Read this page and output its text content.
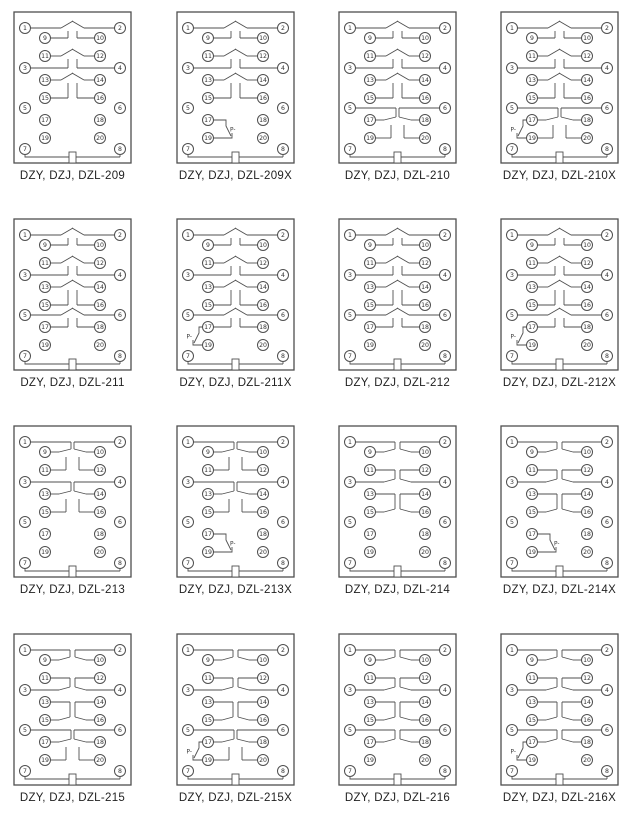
1	2
3	4
5	6
7	8
9	10
11	12
13	14
15	16
17	18
19	20
DZY, DZJ, DZL-209
P-
1	2
3	4
5	6
7	8
9	10
11	12
13	14
15	16
17	18
19	20
DZY, DZJ, DZL-209X
1	2
3	4
5	6
7	8
9	10
11	12
13	14
15	16
17	18
19	20
DZY, DZJ, DZL-210
P-
1	2
3	4
5	6
7	8
9	10
11	12
13	14
15	16
17	18
19	20
DZY, DZJ, DZL-210X
1	2
3	4
5	6
7	8
9	10
11	12
13	14
15	16
17	18
19	20
DZY, DZJ, DZL-211
P-
1	2
3	4
5	6
7	8
9	10
11	12
13	14
15	16
17	18
19	20
DZY, DZJ, DZL-211X
1	2
3	4
5	6
7	8
9	10
11	12
13	14
15	16
17	18
19	20
DZY, DZJ, DZL-212
P-
1	2
3	4
5	6
7	8
9	10
11	12
13	14
15	16
17	18
19	20
DZY, DZJ, DZL-212X
1	2
3	4
5	6
7	8
9	10
11	12
13	14
15	16
17	18
19	20
DZY, DZJ, DZL-213
P-
1	2
3	4
5	6
7	8
9	10
11	12
13	14
15	16
17	18
19	20
DZY, DZJ, DZL-213X
1	2
3	4
5	6
7	8
9	10
11	12
13	14
15	16
17	18
19	20
DZY, DZJ, DZL-214
P-
1	2
3	4
5	6
7	8
9	10
11	12
13	14
15	16
17	18
19	20
DZY, DZJ, DZL-214X
1	2
3	4
5	6
7	8
9	10
11	12
13	14
15	16
17	18
19	20
DZY, DZJ, DZL-215
P-
1	2
3	4
5	6
7	8
9	10
11	12
13	14
15	16
17	18
19	20
DZY, DZJ, DZL-215X
1	2
3	4
5	6
7	8
9	10
11	12
13	14
15	16
17	18
19	20
DZY, DZJ, DZL-216
P-
1	2
3	4
5	6
7	8
9	10
11	12
13	14
15	16
17	18
19	20
DZY, DZJ, DZL-216X
